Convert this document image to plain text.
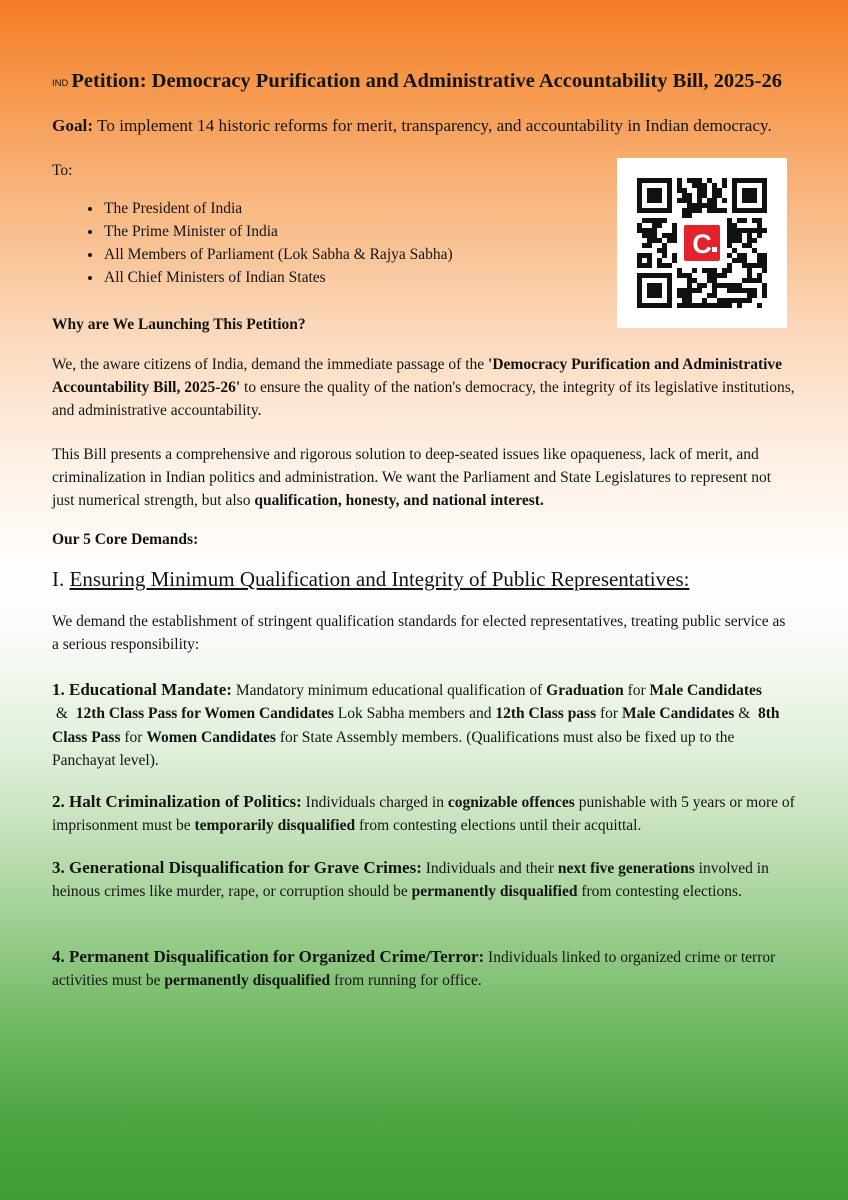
IND Petition: Democracy Purification and Administrative Accountability Bill, 2025-26

Goal: To implement 14 historic reforms for merit, transparency, and accountability in Indian democracy.

To:

• The President of India
• The Prime Minister of India
• All Members of Parliament (Lok Sabha & Rajya Sabha)
• All Chief Ministers of Indian States

Why are We Launching This Petition?

We, the aware citizens of India, demand the immediate passage of the 'Democracy Purification and Administrative Accountability Bill, 2025-26' to ensure the quality of the nation's democracy, the integrity of its legislative institutions, and administrative accountability.

This Bill presents a comprehensive and rigorous solution to deep-seated issues like opaqueness, lack of merit, and criminalization in Indian politics and administration. We want the Parliament and State Legislatures to represent not just numerical strength, but also qualification, honesty, and national interest.

Our 5 Core Demands:

I. Ensuring Minimum Qualification and Integrity of Public Representatives:

We demand the establishment of stringent qualification standards for elected representatives, treating public service as a serious responsibility:

1. Educational Mandate: Mandatory minimum educational qualification of Graduation for Male Candidates &  12th Class Pass for Women Candidates Lok Sabha members and 12th Class pass for Male Candidates &  8th Class Pass for Women Candidates for State Assembly members. (Qualifications must also be fixed up to the Panchayat level).

2. Halt Criminalization of Politics: Individuals charged in cognizable offences punishable with 5 years or more of imprisonment must be temporarily disqualified from contesting elections until their acquittal.

3. Generational Disqualification for Grave Crimes: Individuals and their next five generations involved in heinous crimes like murder, rape, or corruption should be permanently disqualified from contesting elections.

4. Permanent Disqualification for Organized Crime/Terror: Individuals linked to organized crime or terror activities must be permanently disqualified from running for office.

C
